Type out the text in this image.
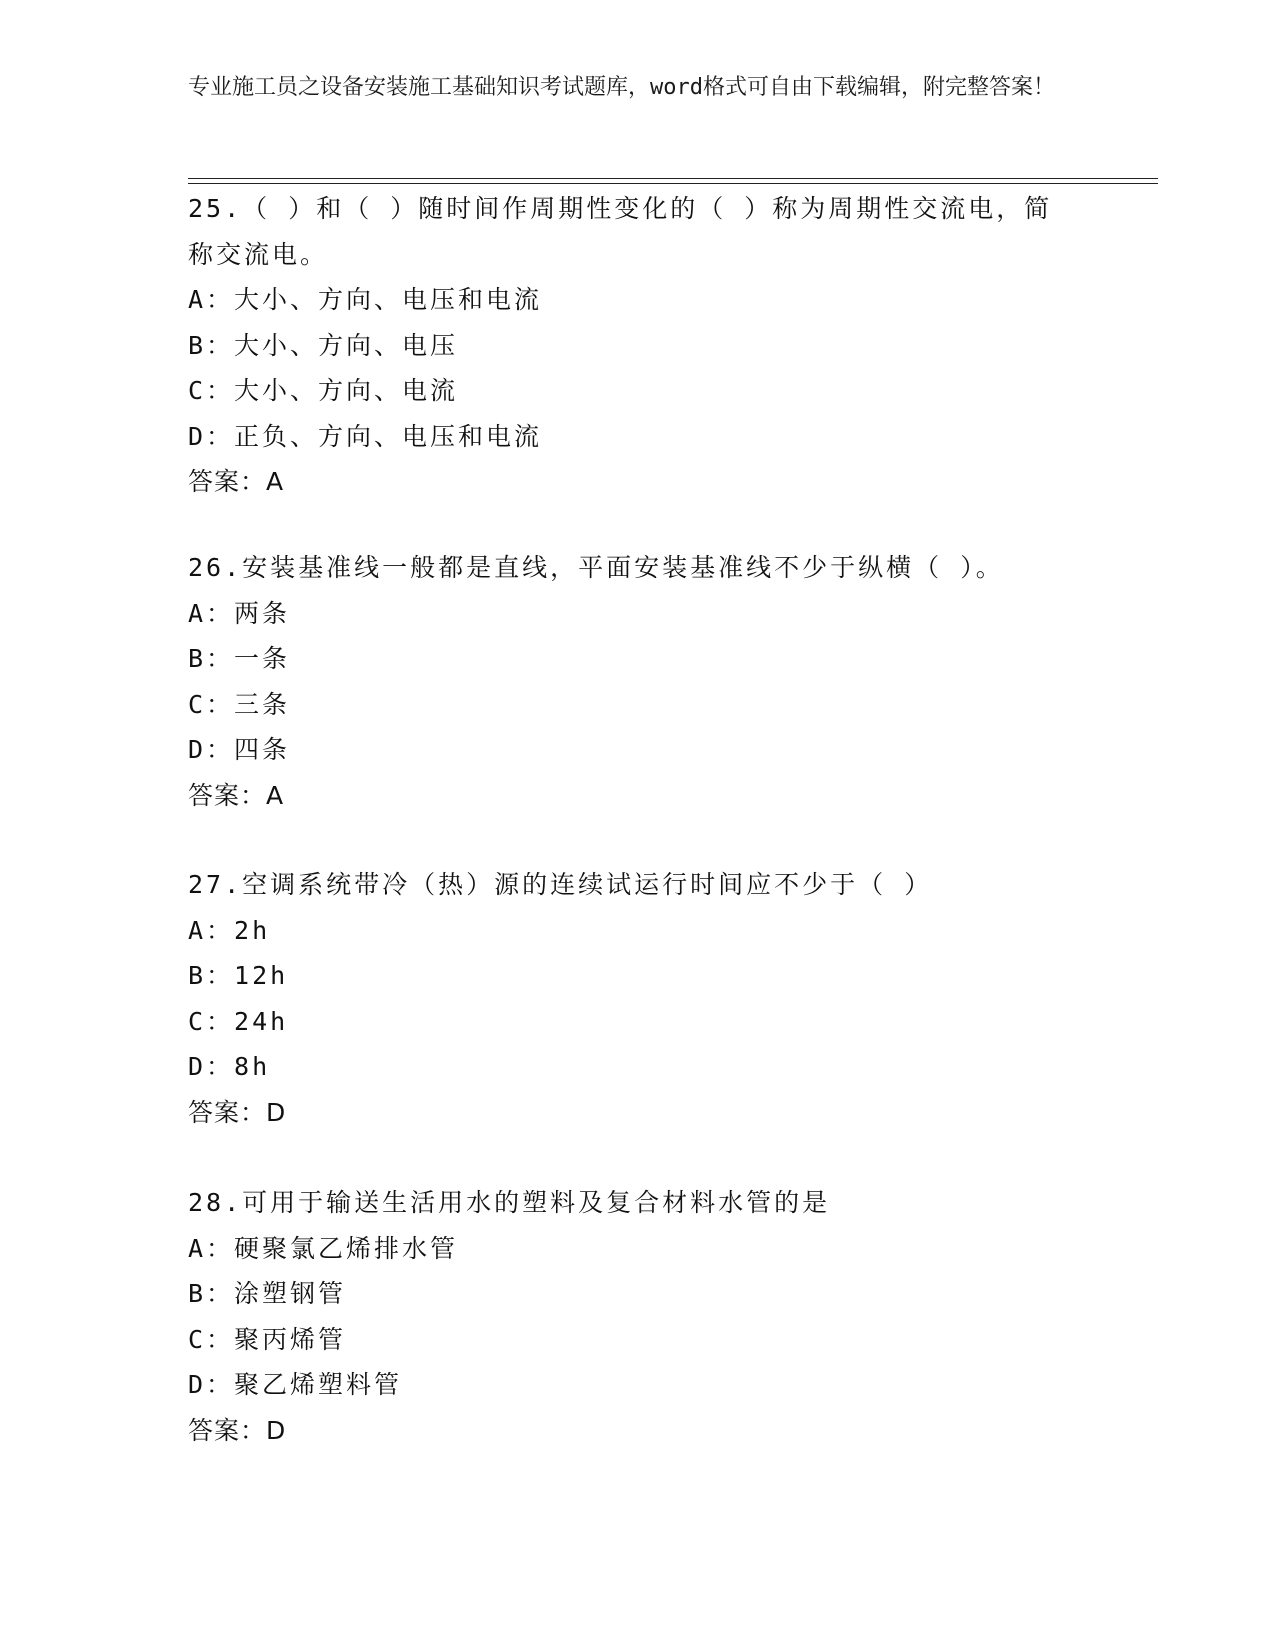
专业施工员之设备安装施工基础知识考试题库，word格式可自由下载编辑，附完整答案！
25.（ ）和（ ）随时间作周期性变化的（ ）称为周期性交流电，简
称交流电。
A：大小、方向、电压和电流
B：大小、方向、电压
C：大小、方向、电流
D：正负、方向、电压和电流
答案：A
26.安装基准线一般都是直线，平面安装基准线不少于纵横（ ）。
A：两条
B：一条
C：三条
D：四条
答案：A
27.空调系统带冷（热）源的连续试运行时间应不少于（ ）
A：2h
B：12h
C：24h
D：8h
答案：D
28.可用于输送生活用水的塑料及复合材料水管的是
A：硬聚氯乙烯排水管
B：涂塑钢管
C：聚丙烯管
D：聚乙烯塑料管
答案：D
